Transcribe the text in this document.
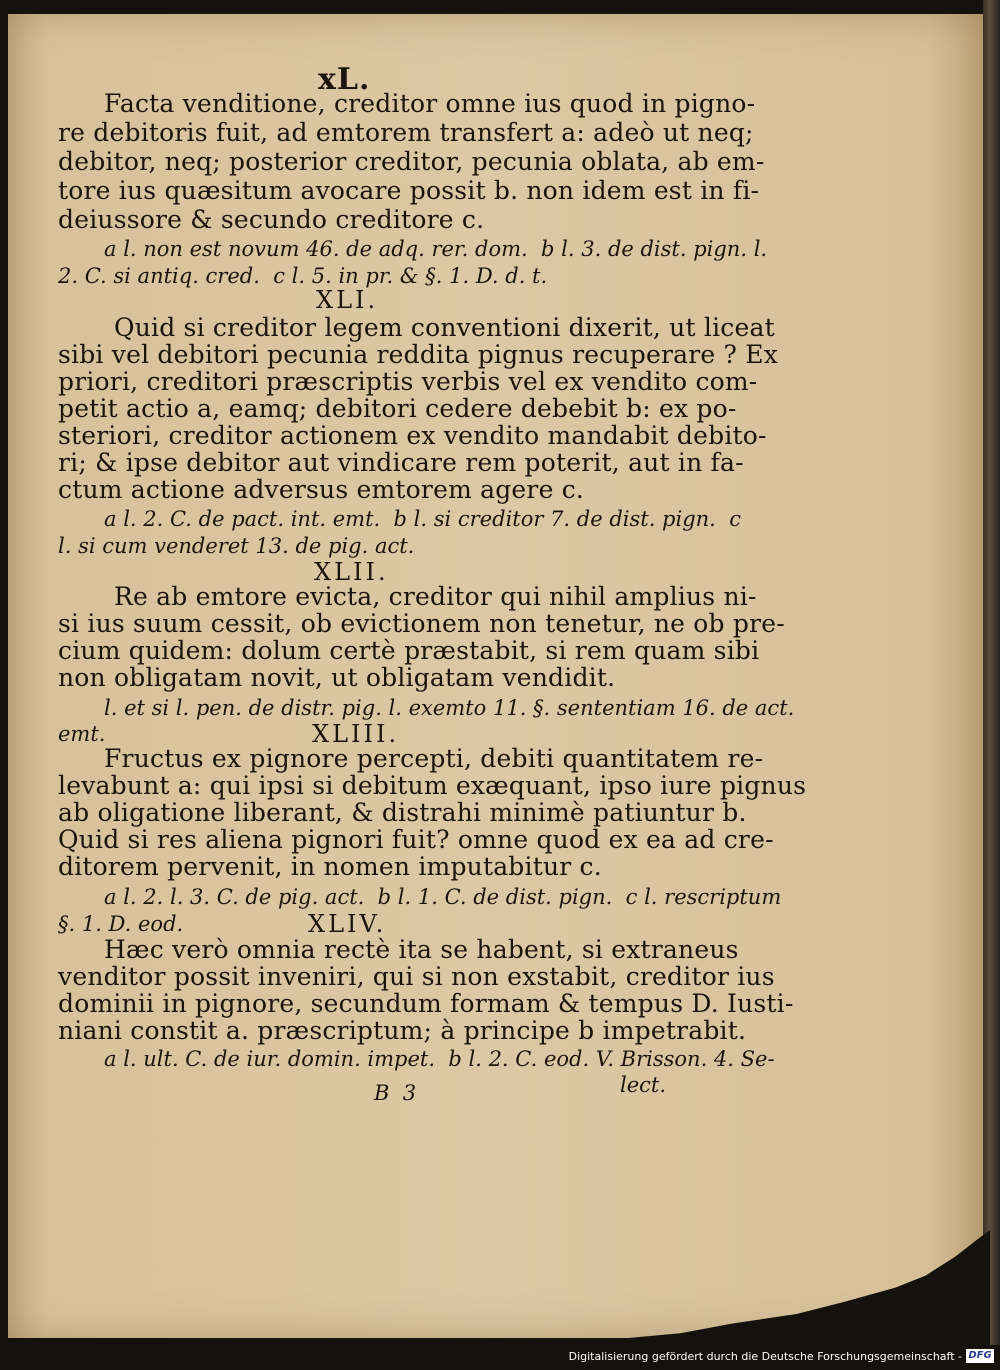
xL.
Facta venditione, creditor omne ius quod in pigno-
re debitoris fuit, ad emtorem transfert a: adeò ut neq;
debitor, neq; posterior creditor, pecunia oblata, ab em-
tore ius quæsitum avocare possit b. non idem est in fi-
deiussore & secundo creditore c.
a l. non est novum 46. de adq. rer. dom.  b l. 3. de dist. pign. l.
2. C. si antiq. cred.  c l. 5. in pr. & §. 1. D. d. t.
XLI.
Quid si creditor legem conventioni dixerit, ut liceat
sibi vel debitori pecunia reddita pignus recuperare ? Ex
priori, creditori præscriptis verbis vel ex vendito com-
petit actio a, eamq; debitori cedere debebit b: ex po-
steriori, creditor actionem ex vendito mandabit debito-
ri; & ipse debitor aut vindicare rem poterit, aut in fa-
ctum actione adversus emtorem agere c.
a l. 2. C. de pact. int. emt.  b l. si creditor 7. de dist. pign.  c
l. si cum venderet 13. de pig. act.
XLII.
Re ab emtore evicta, creditor qui nihil amplius ni-
si ius suum cessit, ob evictionem non tenetur, ne ob pre-
cium quidem: dolum certè præstabit, si rem quam sibi
non obligatam novit, ut obligatam vendidit.
l. et si l. pen. de distr. pig. l. exemto 11. §. sententiam 16. de act.
emt.	XLIII.
Fructus ex pignore percepti, debiti quantitatem re-
levabunt a: qui ipsi si debitum exæquant, ipso iure pignus
ab oligatione liberant, & distrahi minimè patiuntur b.
Quid si res aliena pignori fuit? omne quod ex ea ad cre-
ditorem pervenit, in nomen imputabitur c.
a l. 2. l. 3. C. de pig. act.  b l. 1. C. de dist. pign.  c l. rescriptum
§. 1. D. eod.	XLIV.
Hæc verò omnia rectè ita se habent, si extraneus
venditor possit inveniri, qui si non exstabit, creditor ius
dominii in pignore, secundum formam & tempus D. Iusti-
niani constit a. præscriptum; à principe b impetrabit.
a l. ult. C. de iur. domin. impet.  b l. 2. C. eod. V. Brisson. 4. Se-
lect.
B  3
Digitalisierung gefördert durch die Deutsche Forschungsgemeinschaft - DFG
